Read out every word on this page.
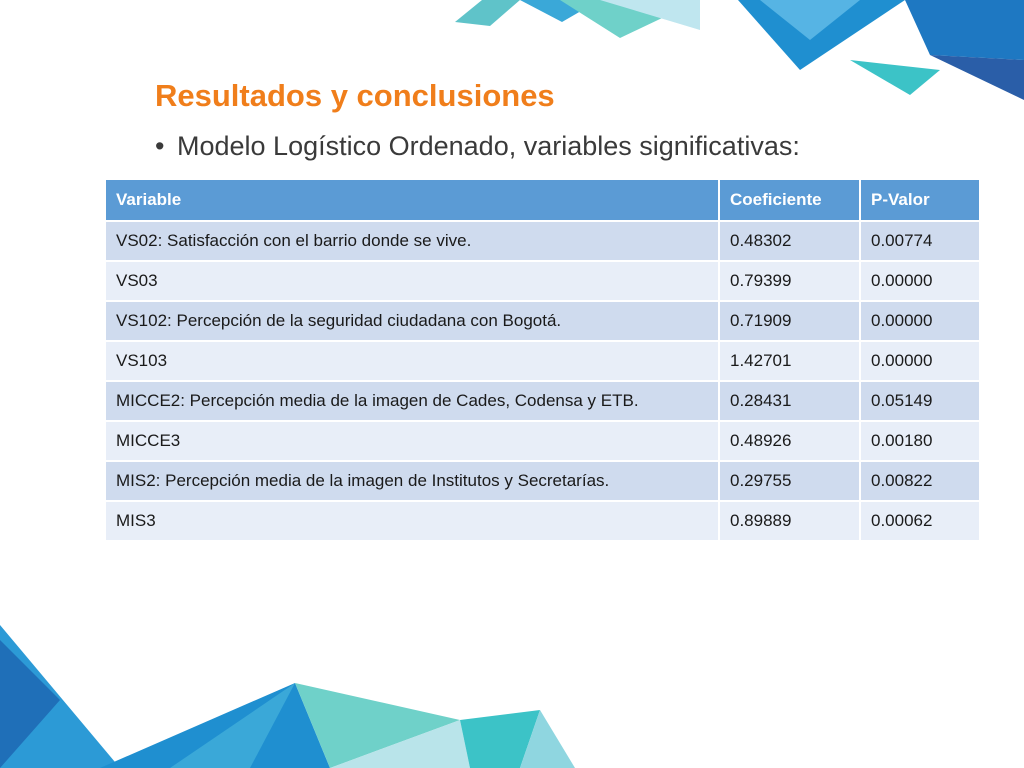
Resultados y conclusiones

• Modelo Logístico Ordenado, variables significativas:

Variable	Coeficiente	P-Valor
VS02: Satisfacción con el barrio donde se vive.	0.48302	0.00774
VS03	0.79399	0.00000
VS102: Percepción de la seguridad ciudadana con Bogotá.	0.71909	0.00000
VS103	1.42701	0.00000
MICCE2: Percepción media de la imagen de Cades, Codensa y ETB.	0.28431	0.05149
MICCE3	0.48926	0.00180
MIS2: Percepción media de la imagen de Institutos y Secretarías.	0.29755	0.00822
MIS3	0.89889	0.00062
